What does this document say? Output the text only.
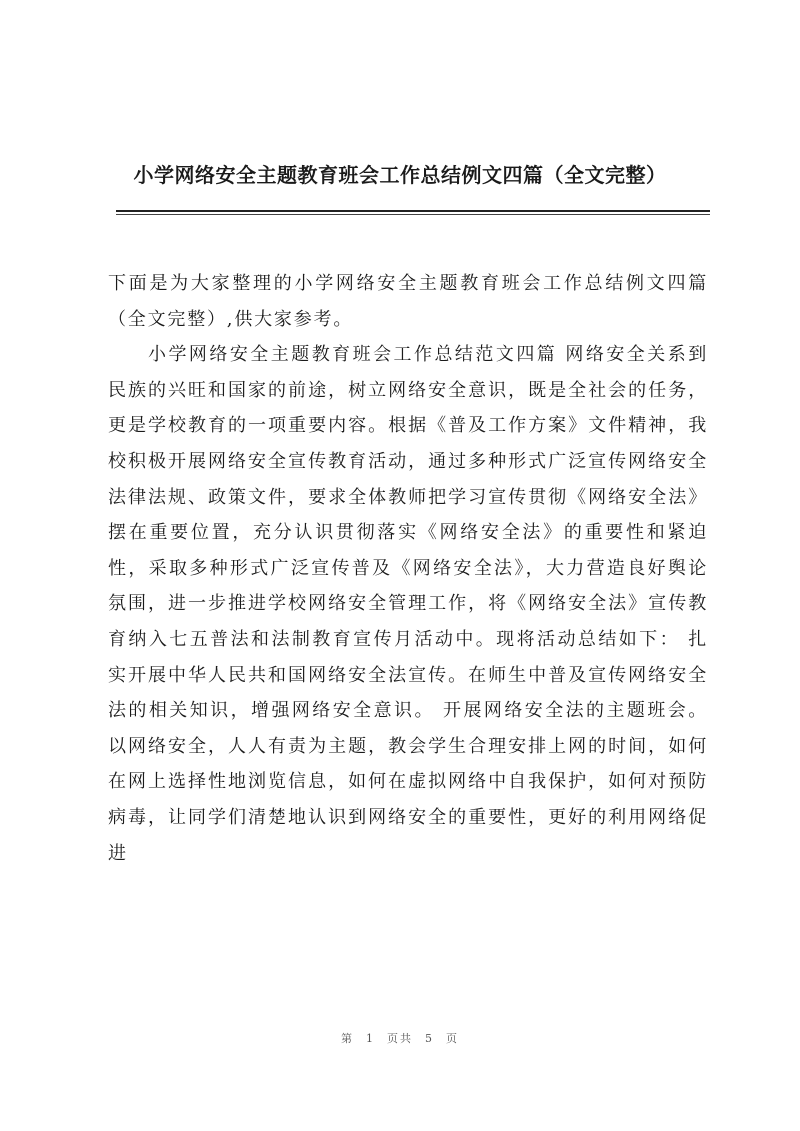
小学网络安全主题教育班会工作总结例文四篇（全文完整）

下面是为大家整理的小学网络安全主题教育班会工作总结例文四篇（全文完整）,供大家参考。

小学网络安全主题教育班会工作总结范文四篇 网络安全关系到民族的兴旺和国家的前途，树立网络安全意识，既是全社会的任务，更是学校教育的一项重要内容。根据《普及工作方案》文件精神，我校积极开展网络安全宣传教育活动，通过多种形式广泛宣传网络安全法律法规、政策文件，要求全体教师把学习宣传贯彻《网络安全法》摆在重要位置，充分认识贯彻落实《网络安全法》的重要性和紧迫性，采取多种形式广泛宣传普及《网络安全法》，大力营造良好舆论氛围，进一步推进学校网络安全管理工作，将《网络安全法》宣传教育纳入七五普法和法制教育宣传月活动中。现将活动总结如下： 扎实开展中华人民共和国网络安全法宣传。在师生中普及宣传网络安全法的相关知识，增强网络安全意识。 开展网络安全法的主题班会。以网络安全，人人有责为主题，教会学生合理安排上网的时间，如何在网上选择性地浏览信息，如何在虚拟网络中自我保护，如何对预防病毒，让同学们清楚地认识到网络安全的重要性，更好的利用网络促进

第 1 页共 5 页
